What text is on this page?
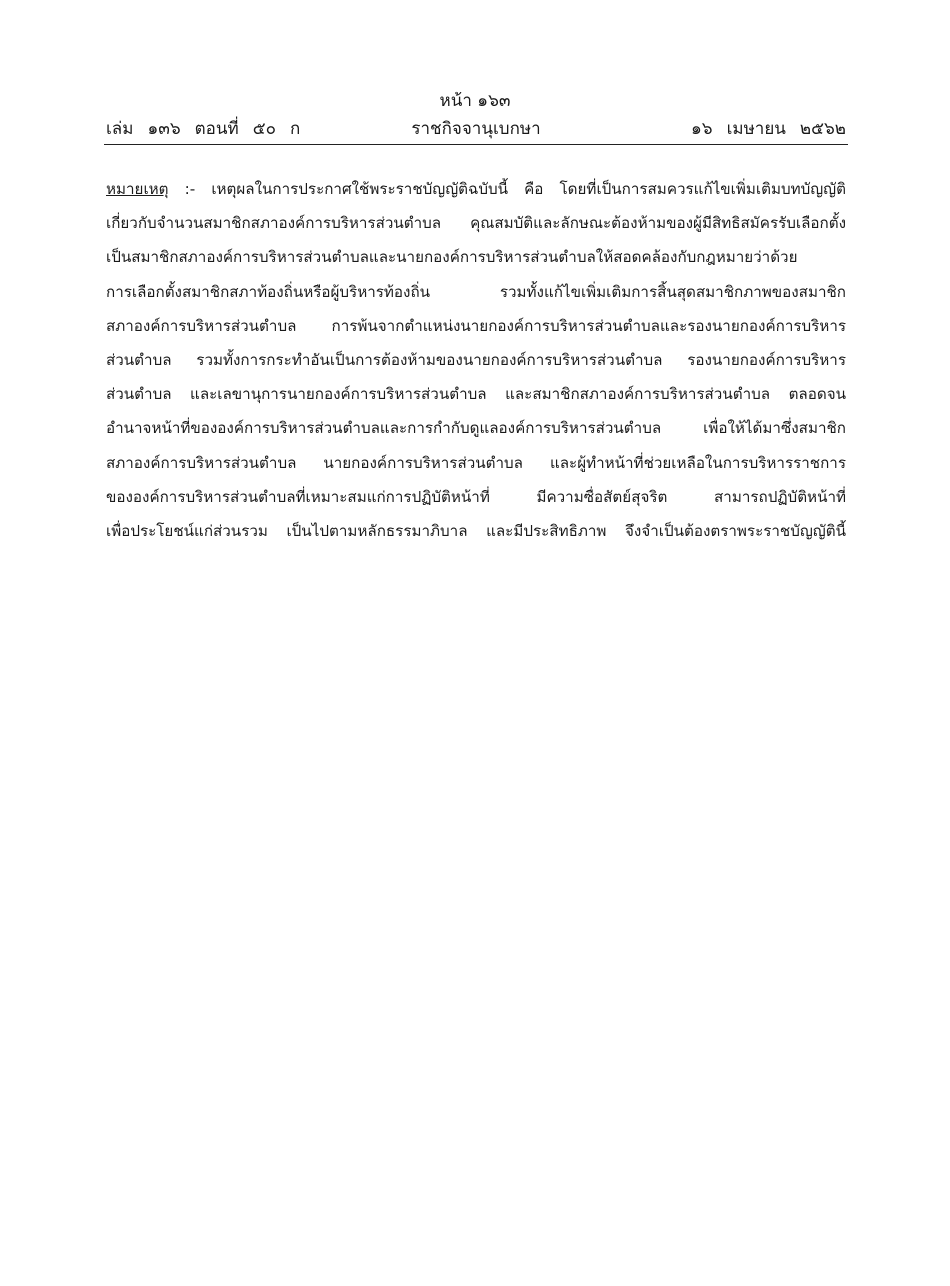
หน้า ๑๖๓
เล่ม ๑๓๖ ตอนที่ ๕๐ ก	ราชกิจจานุเบกษา	๑๖ เมษายน ๒๕๖๒
หมายเหตุ :- เหตุผลในการประกาศใช้พระราชบัญญัติฉบับนี้ คือ โดยที่เป็นการสมควรแก้ไขเพิ่มเติมบทบัญญัติ
เกี่ยวกับจำนวนสมาชิกสภาองค์การบริหารส่วนตำบล คุณสมบัติและลักษณะต้องห้ามของผู้มีสิทธิสมัครรับเลือกตั้ง
เป็นสมาชิกสภาองค์การบริหารส่วนตำบลและนายกองค์การบริหารส่วนตำบลให้สอดคล้องกับกฎหมายว่าด้วย
การเลือกตั้งสมาชิกสภาท้องถิ่นหรือผู้บริหารท้องถิ่น รวมทั้งแก้ไขเพิ่มเติมการสิ้นสุดสมาชิกภาพของสมาชิก
สภาองค์การบริหารส่วนตำบล การพ้นจากตำแหน่งนายกองค์การบริหารส่วนตำบลและรองนายกองค์การบริหาร
ส่วนตำบล รวมทั้งการกระทำอันเป็นการต้องห้ามของนายกองค์การบริหารส่วนตำบล รองนายกองค์การบริหาร
ส่วนตำบล และเลขานุการนายกองค์การบริหารส่วนตำบล และสมาชิกสภาองค์การบริหารส่วนตำบล ตลอดจน
อำนาจหน้าที่ขององค์การบริหารส่วนตำบลและการกำกับดูแลองค์การบริหารส่วนตำบล เพื่อให้ได้มาซึ่งสมาชิก
สภาองค์การบริหารส่วนตำบล นายกองค์การบริหารส่วนตำบล และผู้ทำหน้าที่ช่วยเหลือในการบริหารราชการ
ขององค์การบริหารส่วนตำบลที่เหมาะสมแก่การปฏิบัติหน้าที่ มีความซื่อสัตย์สุจริต สามารถปฏิบัติหน้าที่
เพื่อประโยชน์แก่ส่วนรวม เป็นไปตามหลักธรรมาภิบาล และมีประสิทธิภาพ จึงจำเป็นต้องตราพระราชบัญญัตินี้
